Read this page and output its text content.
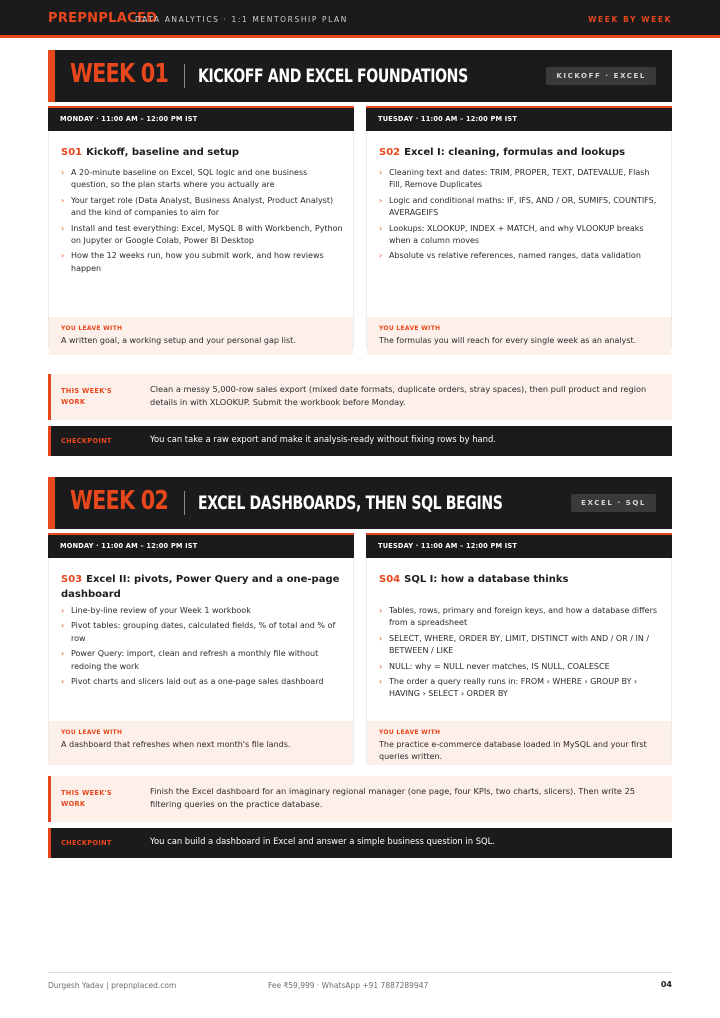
PREPNPLACED
DATA ANALYTICS · 1:1 MENTORSHIP PLAN	WEEK BY WEEK
WEEK 01 KICKOFF AND EXCEL FOUNDATIONS	KICKOFF · EXCEL
MONDAY · 11:00 AM – 12:00 PM IST
S01 Kickoff, baseline and setup
› A 20-minute baseline on Excel, SQL logic and one business question, so the plan starts where you actually are
› Your target role (Data Analyst, Business Analyst, Product Analyst) and the kind of companies to aim for
› Install and test everything: Excel, MySQL 8 with Workbench, Python on Jupyter or Google Colab, Power BI Desktop
› How the 12 weeks run, how you submit work, and how reviews happen
YOU LEAVE WITH
A written goal, a working setup and your personal gap list.
TUESDAY · 11:00 AM – 12:00 PM IST
S02 Excel I: cleaning, formulas and lookups
› Cleaning text and dates: TRIM, PROPER, TEXT, DATEVALUE, Flash Fill, Remove Duplicates
› Logic and conditional maths: IF, IFS, AND / OR, SUMIFS, COUNTIFS, AVERAGEIFS
› Lookups: XLOOKUP, INDEX + MATCH, and why VLOOKUP breaks when a column moves
› Absolute vs relative references, named ranges, data validation
YOU LEAVE WITH
The formulas you will reach for every single week as an analyst.
THIS WEEK'S WORK
Clean a messy 5,000-row sales export (mixed date formats, duplicate orders, stray spaces), then pull product and region details in with XLOOKUP. Submit the workbook before Monday.
CHECKPOINT	You can take a raw export and make it analysis-ready without fixing rows by hand.
WEEK 02 EXCEL DASHBOARDS, THEN SQL BEGINS	EXCEL · SQL
MONDAY · 11:00 AM – 12:00 PM IST
S03 Excel II: pivots, Power Query and a one-page dashboard
› Line-by-line review of your Week 1 workbook
› Pivot tables: grouping dates, calculated fields, % of total and % of row
› Power Query: import, clean and refresh a monthly file without redoing the work
› Pivot charts and slicers laid out as a one-page sales dashboard
YOU LEAVE WITH
A dashboard that refreshes when next month's file lands.
TUESDAY · 11:00 AM – 12:00 PM IST
S04 SQL I: how a database thinks
› Tables, rows, primary and foreign keys, and how a database differs from a spreadsheet
› SELECT, WHERE, ORDER BY, LIMIT, DISTINCT with AND / OR / IN / BETWEEN / LIKE
› NULL: why = NULL never matches, IS NULL, COALESCE
› The order a query really runs in: FROM › WHERE › GROUP BY › HAVING › SELECT › ORDER BY
YOU LEAVE WITH
The practice e-commerce database loaded in MySQL and your first queries written.
THIS WEEK'S WORK
Finish the Excel dashboard for an imaginary regional manager (one page, four KPIs, two charts, slicers). Then write 25 filtering queries on the practice database.
CHECKPOINT	You can build a dashboard in Excel and answer a simple business question in SQL.
Durgesh Yadav | prepnplaced.com	Fee ₹59,999 · WhatsApp +91 7887289947	04
